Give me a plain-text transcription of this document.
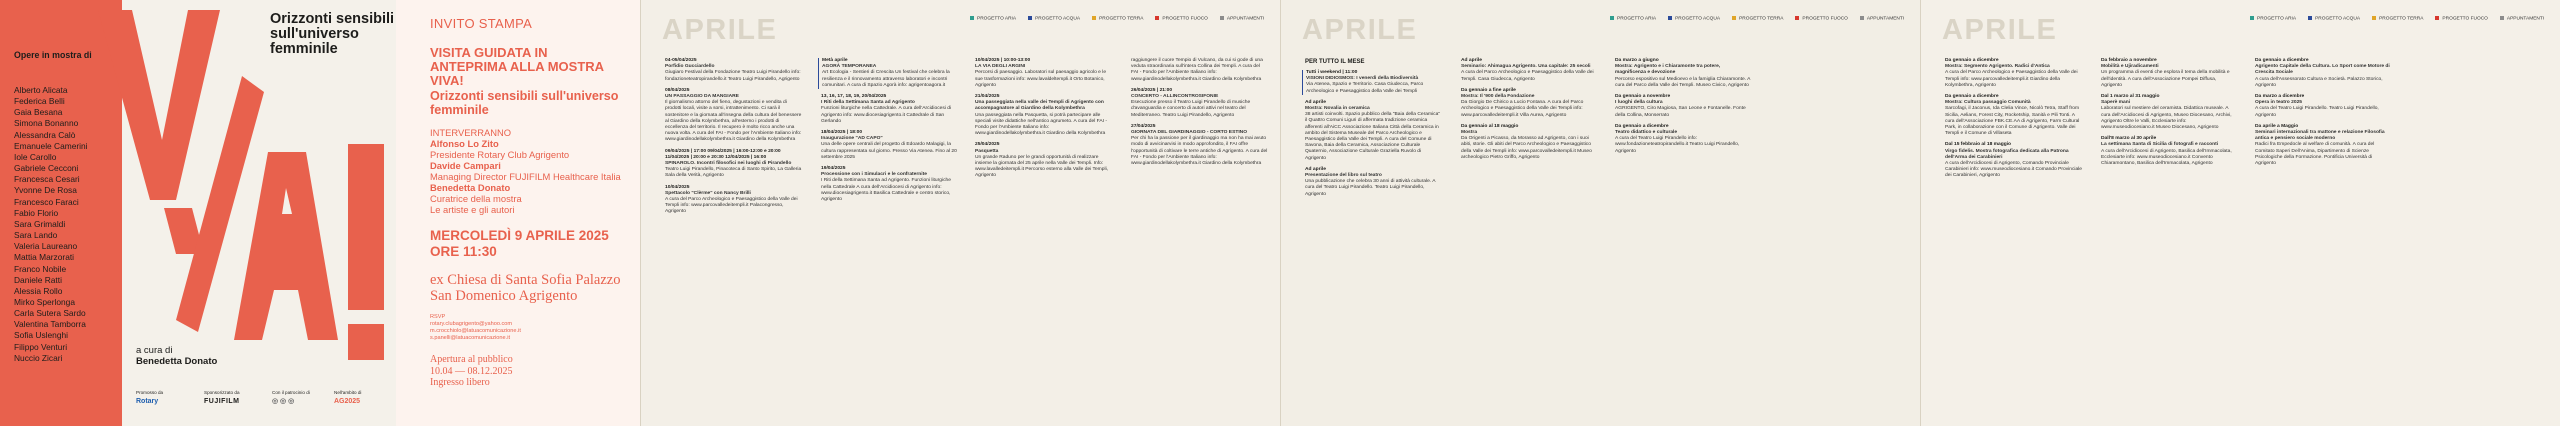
Orizzonti sensibili sull'universo femminile
Opere in mostra di
Alberto Alicata
Federica Belli
Gaia Besana
Simona Bonanno
Alessandra Calò
Emanuele Camerini
Iole Carollo
Gabriele Cecconi
Francesca Cesari
Yvonne De Rosa
Francesco Faraci
Fabio Florio
Sara Grimaldi
Sara Lando
Valeria Laureano
Mattia Marzorati
Franco Nobile
Daniele Ratti
Alessia Rollo
Mirko Sperlonga
Carla Sutera Sardo
Valentina Tamborra
Sofia Uslenghi
Filippo Venturi
Nuccio Zicari
a cura di
Benedetta Donato
Promosso da
Rotary
Sponsorizzato da
FUJIFILM
Con il patrocinio di
◎ ◎ ◎
Nell'ambito di
AG2025
INVITO STAMPA
VISITA GUIDATA IN ANTEPRIMA ALLA MOSTRA VIVA!
Orizzonti sensibili sull'universo femminile
INTERVERRANNO
Alfonso Lo Zito
Presidente Rotary Club Agrigento
Davide Campari
Managing Director FUJIFILM Healthcare Italia
Benedetta Donato
Curatrice della mostra
Le artiste e gli autori
MERCOLEDÌ 9 APRILE 2025 ORE 11:30
ex Chiesa di Santa Sofia Palazzo San Domenico Agrigento
RSVP
rotary.clubagrigento@yahoo.com
m.crocchiolo@latuacomunicazione.it
s.panelli@latuacomunicazione.it
Apertura al pubblico
10.04 — 08.12.2025
Ingresso libero
APRILE	PROGETTO ARIA	PROGETTO ACQUA	PROGETTO TERRA	PROGETTO FUOCO	APPUNTAMENTI
04-05/04/2025
Porfidio Gucciardello
Giugiaro Festival della Fondazione Teatro Luigi Pirandello info: fondazioneteatropirandello.it Teatro Luigi Pirandello, Agrigento
08/04/2025
UN PASSAGGIO DA MANGIARE
Il giornalismo attorno del fieno, degustazioni e vendita di prodotti locali, visite a sorsi, intrattenimento. Ci sarà il sostenitore e la giornata all'insegna della cultura del benessere al Giardino della Kolymbethra, all'esterno i prodotti di eccellenza del territorio. Il recupero è molto ricco anche una nuova volta. A cura del FAI - Fondo per l'Ambiente Italiano info: www.giardinodellakolymbethra.it Giardino della Kolymbethra
09/04/2025 | 17:00 09/04/2025 | 16:00-12:00 e 20:00 11/04/2025 | 20:00 e 20:30 12/04/2025 | 16:00
SPINAROLO. Incontri filosofici nei luoghi di Pirandello
Teatro Luigi Pirandello, Pinacoteca di Santo Spirito, La Galleria Sala della Verità, Agrigento
10/04/2025
Spettacolo "Clèrme" con Nancy Brilli
A cura del Parco Archeologico e Paesaggistico della Valle dei Templi info: www.parcovalledeitempli.it Palacongresso, Agrigento
Metà aprile
AGORÀ TEMPORANEA
Art Ecologia - Sentieri di Crescita Un festival che celebra la resilienza e il rinnovamento attraverso laboratori e incontri comunitari. A cura di Spazio Agorà info: agrigentoagora.it
13, 16, 17, 18, 19, 20/04/2025
I Riti della Settimana Santa ad Agrigento
Funzioni liturgiche nella Cattedrale. A cura dell'Arcidiocesi di Agrigento info: www.diocesiagrigento.it Cattedrale di San Gerlando
18/04/2025 | 18:00
Inaugurazione "AD CAPO"
Una delle opere centrali del progetto di Edoardo Malagigi, la cultura rappresentata sul giorno. Presso Via Atenea. Fino al 20 settembre 2025
19/04/2025
Processione con i Simulacri e le confraternite
I Riti della Settimana Santa ad Agrigento. Funzioni liturgiche nella Cattedrale A cura dell'Arcidiocesi di Agrigento info: www.diocesiagrigento.it Basilica Cattedrale e centro storico, Agrigento
10/04/2025 | 10:00-13:00
LA VIA DEGLI ARGINI
Percorsi di paesaggio. Laboratori sul paesaggio agricolo e le sue trasformazioni info: www.lavaldeltempli.it Orto Botanico, Agrigento
21/04/2025
Una passeggiata nella valle dei Templi di Agrigento con accompagnatore al Giardino della Kolymbethra
Una passeggiata nella Pasquetta, si potrà partecipare alle speciali visite didattiche nell'antico agrumeto. A cura del FAI - Fondo per l'Ambiente Italiano info: www.giardinodellakolymbethra.it Giardino della Kolymbethra
25/04/2025
Pasquetta
Un grande Raduno per le grandi opportunità di realizzare insieme la giornata del 25 aprile nella Valle dei Templi. Info: www.lavalledeitempli.it Percorso esterno alla Valle dei Templi, Agrigento
raggiungere il cuore Tempio di Vulcano, da cui si gode di una veduta straordinaria sull'intera Collina dei Templi. A cura del FAI - Fondo per l'Ambiente Italiano info: www.giardinodellakolymbethra.it Giardino della Kolymbethra
26/04/2025 | 21:00
CONCERTO - ALLINCONTROSIFONIE
Esecuzione presso il Teatro Luigi Pirandello di musiche d'avanguardia e concerto di autori attivi nel teatro del Mediterraneo. Teatro Luigi Pirandello, Agrigento
27/04/2025
GIORNATA DEL GIARDINAGGIO - CORTO ESTINO
Per chi ha la passione per il giardinaggio ma non ha mai avuto modo di avvicinarvisi in modo approfondito, il FAI offre l'opportunità di coltivare le terre antiche di Agrigento. A cura del FAI - Fondo per l'Ambiente Italiano info: www.giardinodellakolymbethra.it Giardino della Kolymbethra
APRILE	PROGETTO ARIA	PROGETTO ACQUA	PROGETTO TERRA	PROGETTO FUOCO	APPUNTAMENTI
PER TUTTO IL MESE
Tutti i weekend | 11:00
VISIONI DIDIOSMOS: I venerdì della Biodiversità
Via Atenea, Spazio e Territorio. Casa Giudecca, Parco Archeologico e Paesaggistico della Valle dei Templi
Ad aprile
Mostra: Novalia in ceramica
38 artisti coinvolti. Spazio pubblico della "Baia della Ceramica" il Quattro Comuni Liguri di affermata tradizione ceramica afferenti all'AiCC Associazione Italiana Città della Ceramica in ambito del Sistema Museale del Parco Archeologico e Paesaggistico della Valle dei Templi. A cura del Comune di Savona, Baia della Ceramica, Associazione Culturale Quaternio, Associazione Culturale Graziella Ruvolo di Agrigento
Ad aprile
Presentazione del libro sul teatro
Una pubblicazione che celebra 30 anni di attività culturale. A cura del Teatro Luigi Pirandello. Teatro Luigi Pirandello, Agrigento
Ad aprile
Seminario: Ahimagua Agrigento. Una capitale: 25 secoli
A cura del Parco Archeologico e Paesaggistico della Valle dei Templi. Casa Giudecca, Agrigento
Da gennaio a fine aprile
Mostra: Il '900 della Fondazione
Da Giorgio De Chirico a Lucio Fontana. A cura del Parco Archeologico e Paesaggistico della Valle dei Templi info: www.parcovalledeitempli.it Villa Aurea, Agrigento
Da gennaio al 18 maggio
Mostra
Da Origenti a Picasso, da Morasso ad Agrigento, con i suoi abiti, storie. Gli abiti del Parco Archeologico e Paesaggistico della Valle dei Templi info: www.parcovalledeitempli.it Museo archeologico Pietro Griffo, Agrigento
Da marzo a giugno
Mostra: Agrigento e i Chiaramonte tra potere, magnificenza e devozione
Percorso espositivo sul Medioevo e la famiglia Chiaramonte. A cura del Parco della Valle dei Templi. Museo Civico, Agrigento
Da gennaio a novembre
I luoghi della cultura
AGRIGENTO, Ciro Magiosa, San Leone e Fontanelle. Fonte della Collina, Monserrato
Da gennaio a dicembre
Teatro didattico e culturale
A cura del Teatro Luigi Pirandello info: www.fondazioneteatropirandello.it Teatro Luigi Pirandello, Agrigento
APRILE	PROGETTO ARIA	PROGETTO ACQUA	PROGETTO TERRA	PROGETTO FUOCO	APPUNTAMENTI
Da gennaio a dicembre
Mostra: Segmento Agrigento. Radici d'Antica
A cura del Parco Archeologico e Paesaggistico della Valle dei Templi info: www.parcovalledeitempli.it Giardino della Kolymbethra, Agrigento
Da gennaio a dicembre
Mostra: Cultura passaggio Comunità
Sarcofagi, il Jaconus, Ida Clelia Vince, Nicolò Tetra, Staff from Sicilia, Aelians, Forest City, Rocketship, Sanità e Pili Tonti. A cura dell'Associazione FBK.CE.AA di Agrigento, Farm Cultural Park, in collaborazione con il Comune di Agrigento. Valle dei Templi e il Comune di Villaseta
Dal 15 febbraio al 18 maggio
Virgo fidelis. Mostra fotografica dedicata alla Patrona dell'Arma dei Carabinieri
A cura dell'Arcidiocesi di Agrigento, Comando Provinciale Carabinieri info: www.museodiocesiano.it Comando Provinciale dei Carabinieri, Agrigento
Da febbraio a novembre
Mobilità e Ujiradicamenti
Un programma di eventi che esplora il tema della mobilità e dell'identità. A cura dell'Associazione Pompei Diffusa, Agrigento
Dal 1 marzo al 31 maggio
Saperè mani
Laboratori sul mestiere del ceramista. Didattica museale. A cura dell'Arcidiocesi di Agrigento, Museo Diocesano, Archivi, Agrigento Oltre le Valli, Ecclesiarte info: www.museodiocesiano.it Museo Diocesano, Agrigento
Dall'8 marzo al 30 aprile
La settimana Santa di Sicilia di fotografi e racconti
A cura dell'Arcidiocesi di Agrigento, Basilica dell'Immacolata, Ecclesiarte info: www.museodiocesiano.it Convento Chiaramontano, Basilica dell'Immacolata, Agrigento
Da gennaio a dicembre
Agrigento Capitale della Cultura. Lo Sport come Motore di Crescita Sociale
A cura dell'Assessorato Cultura e Società. Palazzo Storico, Agrigento
Da marzo a dicembre
Opera in teatro 2025
A cura del Teatro Luigi Pirandello. Teatro Luigi Pirandello, Agrigento
Da aprile a Maggio
Seminari internazionali tra mattone e relazione Filosofia antica e pensiero sociale moderno
Radici fra Empedocle al welfare di comunità. A cura del Comitato Saperi Dell'Anima, Dipartimento di Scienze Psicologiche della Formazione. Pontificia Università di Agrigento
